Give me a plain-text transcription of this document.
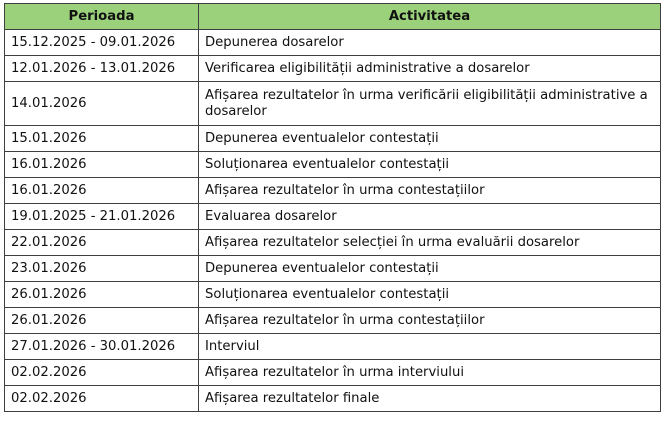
Perioada	Activitatea
15.12.2025 - 09.01.2026	Depunerea dosarelor
12.01.2026 - 13.01.2026	Verificarea eligibilității administrative a dosarelor
14.01.2026	Afișarea rezultatelor în urma verificării eligibilității administrative a dosarelor
15.01.2026	Depunerea eventualelor contestații
16.01.2026	Soluționarea eventualelor contestații
16.01.2026	Afișarea rezultatelor în urma contestațiilor
19.01.2025 - 21.01.2026	Evaluarea dosarelor
22.01.2026	Afișarea rezultatelor selecției în urma evaluării dosarelor
23.01.2026	Depunerea eventualelor contestații
26.01.2026	Soluționarea eventualelor contestații
26.01.2026	Afișarea rezultatelor în urma contestațiilor
27.01.2026 - 30.01.2026	Interviul
02.02.2026	Afișarea rezultatelor în urma interviului
02.02.2026	Afișarea rezultatelor finale
